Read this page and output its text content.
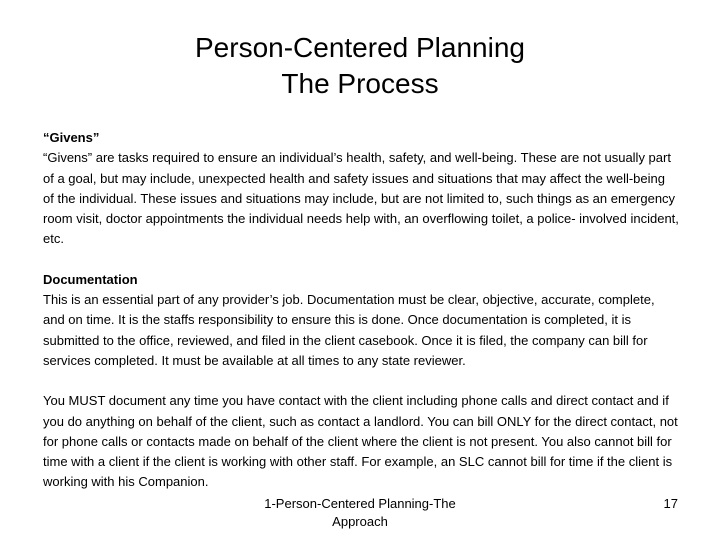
Person-Centered Planning
The Process

“Givens”

“Givens” are tasks required to ensure an individual’s health, safety, and well-being. These are not usually part of a goal, but may include, unexpected health and safety issues and situations that may affect the well-being of the individual. These issues and situations may include, but are not limited to, such things as an emergency room visit, doctor appointments the individual needs help with, an overflowing toilet, a police- involved incident, etc.

Documentation

This is an essential part of any provider’s job. Documentation must be clear, objective, accurate, complete, and on time. It is the staffs responsibility to ensure this is done. Once documentation is completed, it is submitted to the office, reviewed, and filed in the client casebook. Once it is filed, the company can bill for services completed. It must be available at all times to any state reviewer.

You MUST document any time you have contact with the client including phone calls and direct contact and if you do anything on behalf of the client, such as contact a landlord. You can bill ONLY for the direct contact, not for phone calls or contacts made on behalf of the client where the client is not present. You also cannot bill for time with a client if the client is working with other staff. For example, an SLC cannot bill for time if the client is working with his Companion.

1-Person-Centered Planning-The Approach
17
